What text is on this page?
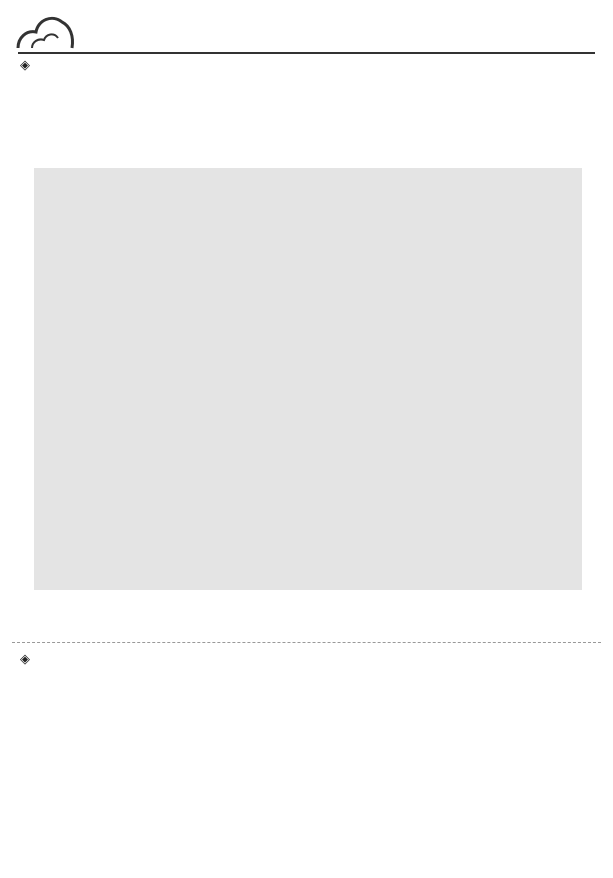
◈
◈
